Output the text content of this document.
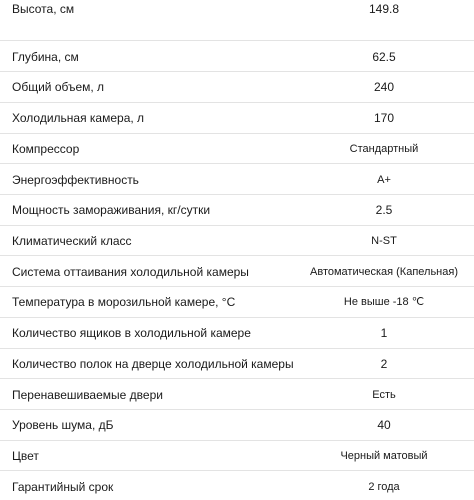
Высота, см	149.8
Глубина, см	62.5
Общий объем, л	240
Холодильная камера, л	170
Компрессор	Стандартный
Энергоэффективность	A+
Мощность замораживания, кг/сутки	2.5
Климатический класс	N-ST
Система оттаивания холодильной камеры	Автоматическая (Капельная)
Температура в морозильной камере, °С	Не выше -18 ℃
Количество ящиков в холодильной камере	1
Количество полок на дверце холодильной камеры	2
Перенавешиваемые двери	Есть
Уровень шума, дБ	40
Цвет	Черный матовый
Гарантийный срок	2 года
